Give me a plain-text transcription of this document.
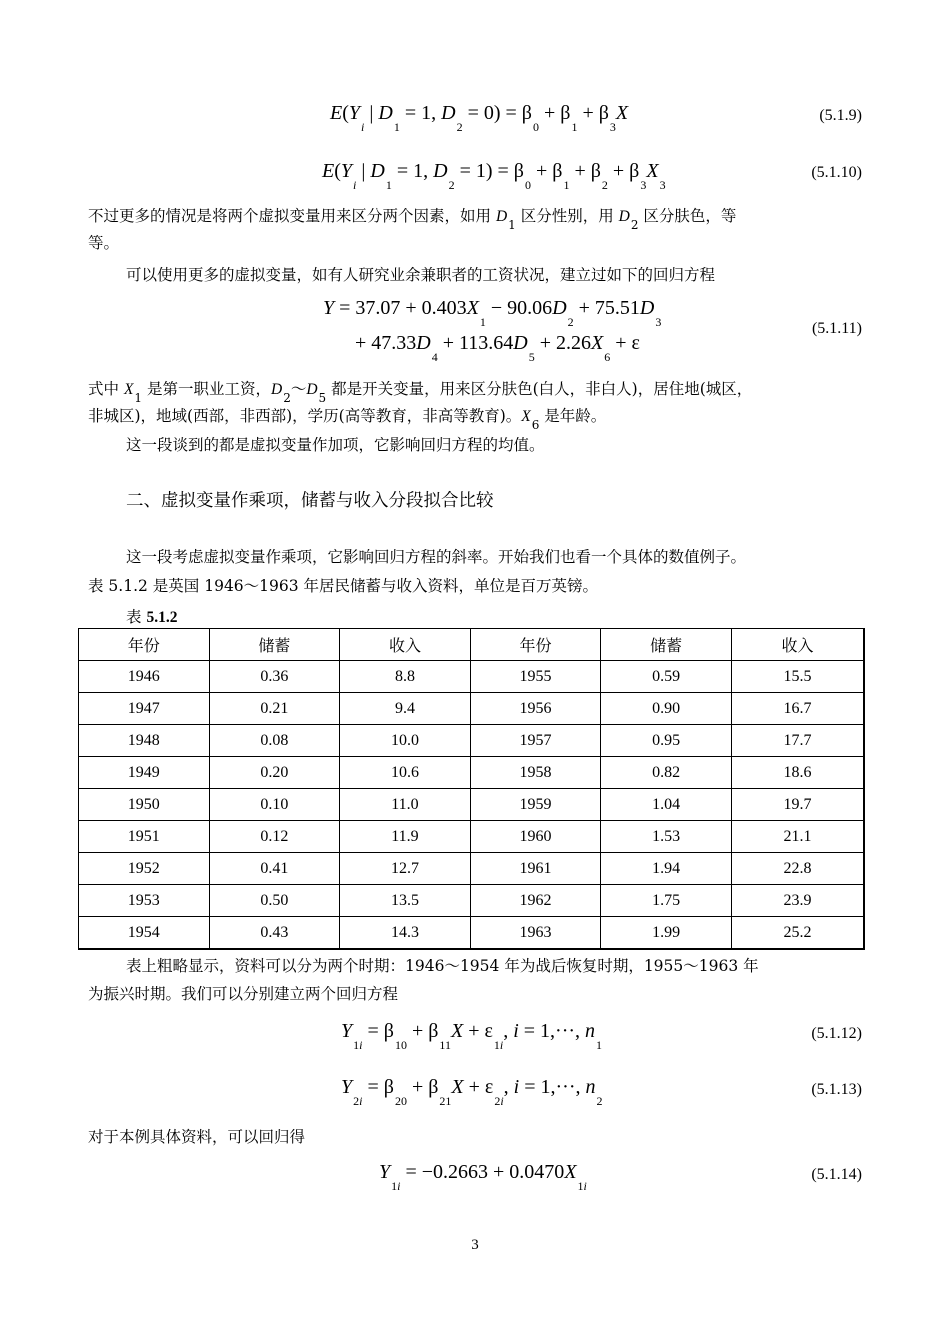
$E(Y_i$ | $D_1 = 1$, $D_2 = 0) = \beta_0 + \beta_1 + \beta_3X$	(5.1.9)
$E(Y_i$ | $D_1 = 1$, $D_2 = 1) = \beta_0 + \beta_1 + \beta_2 + \beta_3X_3$
(5.1.10)
不过更多的情况是将两个虚拟变量用来区分两个因素，如用 $D_1$ 区分性别，用 $D_2$ 区分肤色，等
等。
可以使用更多的虚拟变量，如有人研究业余兼职者的工资状况，建立过如下的回归方程
$Y = 37.07 + 0.403X_1 - 90.06D_2 + 75.51D_3$
+ $47.33D_4 + 113.64D_5 + 2.26X_6 + \varepsilon$
(5.1.11)
式中 $X_1$ 是第一职业工资，$D_2\sim D_5$ 都是开关变量，用来区分肤色(白人，非白人)，居住地(城区，
非城区)，地域(西部，非西部)，学历(高等教育，非高等教育)。$X_6$ 是年龄。
这一段谈到的都是虚拟变量作加项，它影响回归方程的均值。
二、虚拟变量作乘项，储蓄与收入分段拟合比较
这一段考虑虚拟变量作乘项，它影响回归方程的斜率。开始我们也看一个具体的数值例子。
表 5.1.2 是英国 1946～1963 年居民储蓄与收入资料，单位是百万英镑。
表 5.1.2
年份	储蓄	收入	年份	储蓄	收入
1946	0.36	8.8	1955	0.59	15.5
1947	0.21	9.4	1956	0.90	16.7
1948	0.08	10.0	1957	0.95	17.7
1949	0.20	10.6	1958	0.82	18.6
1950	0.10	11.0	1959	1.04	19.7
1951	0.12	11.9	1960	1.53	21.1
1952	0.41	12.7	1961	1.94	22.8
1953	0.50	13.5	1962	1.75	23.9
1954	0.43	14.3	1963	1.99	25.2
表上粗略显示，资料可以分为两个时期：1946～1954 年为战后恢复时期，1955～1963 年
为振兴时期。我们可以分别建立两个回归方程
$Y_{1i} = \beta_{10} + \beta_{11}X + \varepsilon_{1i}$, i = 1,···, $n_1$
(5.1.12)
$Y_{2i} = \beta_{20} + \beta_{21}X + \varepsilon_{2i}$, i = 1,···, $n_2$
(5.1.13)
对于本例具体资料，可以回归得
$Y_{1i} = -0.2663 + 0.0470X_{1i}$
(5.1.14)
3
